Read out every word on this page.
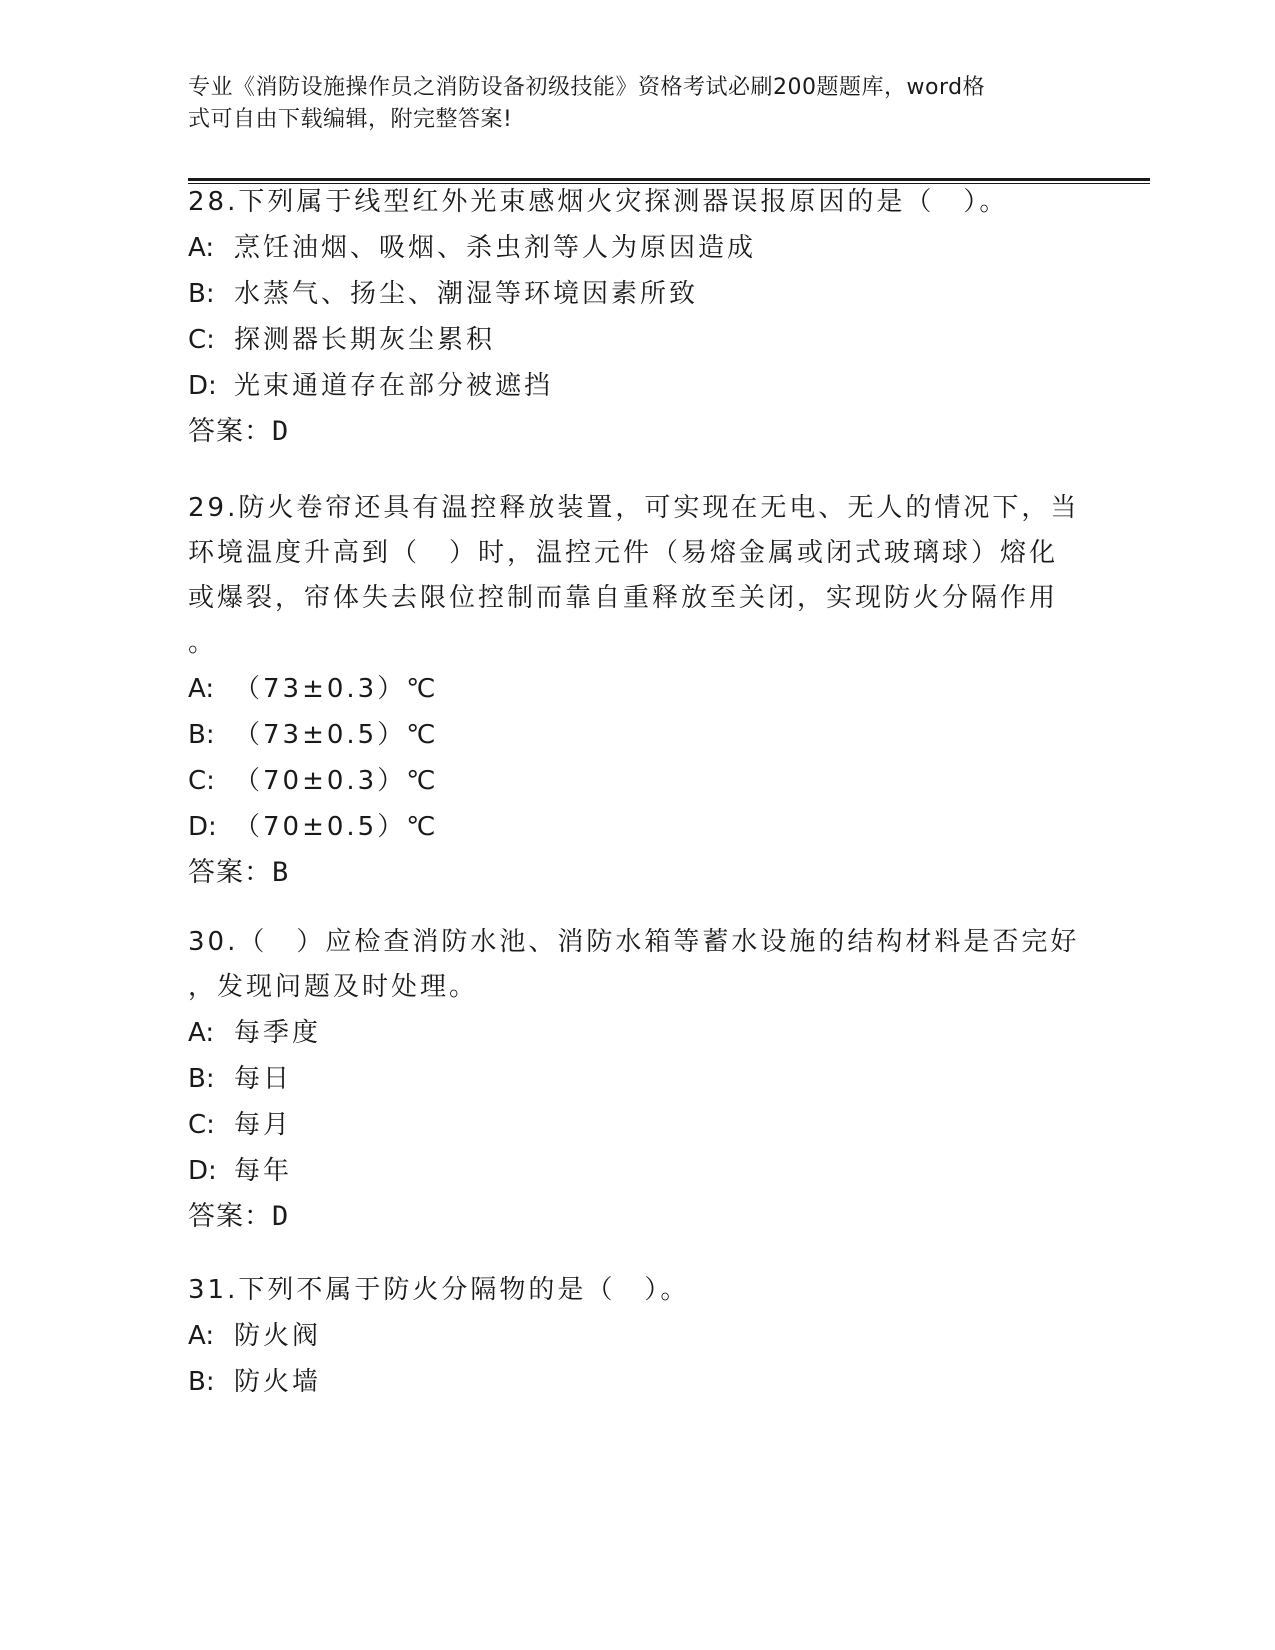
专业《消防设施操作员之消防设备初级技能》资格考试必刷200题题库，word格
式可自由下载编辑，附完整答案!

28.下列属于线型红外光束感烟火灾探测器误报原因的是（　）。

A: 烹饪油烟、吸烟、杀虫剂等人为原因造成

B: 水蒸气、扬尘、潮湿等环境因素所致

C: 探测器长期灰尘累积

D: 光束通道存在部分被遮挡

答案：D

29.防火卷帘还具有温控释放装置，可实现在无电、无人的情况下，当

环境温度升高到（　）时，温控元件（易熔金属或闭式玻璃球）熔化

或爆裂，帘体失去限位控制而靠自重释放至关闭，实现防火分隔作用

。

A: （73±0.3）℃

B: （73±0.5）℃

C: （70±0.3）℃

D: （70±0.5）℃

答案：B

30.（　）应检查消防水池、消防水箱等蓄水设施的结构材料是否完好

，发现问题及时处理。

A: 每季度

B: 每日

C: 每月

D: 每年

答案：D

31.下列不属于防火分隔物的是（　）。

A: 防火阀

B: 防火墙
